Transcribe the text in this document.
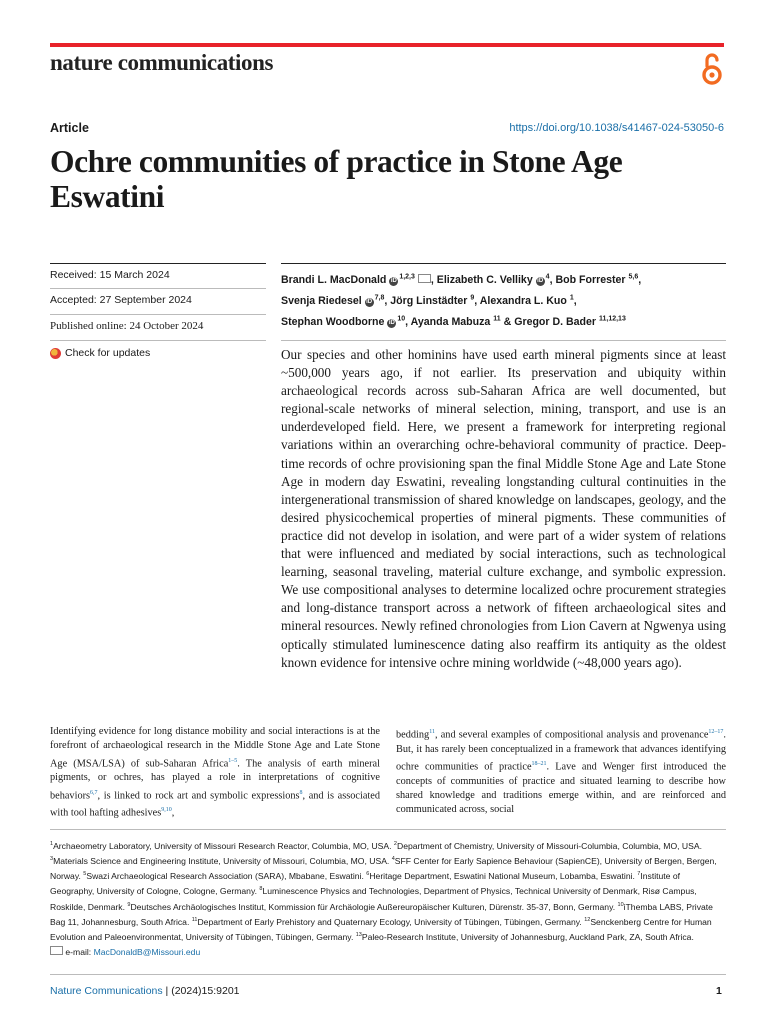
nature communications
Article	https://doi.org/10.1038/s41467-024-53050-6
Ochre communities of practice in Stone Age Eswatini
Received: 15 March 2024
Accepted: 27 September 2024
Published online: 24 October 2024
Check for updates
Brandi L. MacDonald iD$^{1,2,3}$ , Elizabeth C. Velliky $iD^4$, Bob Forrester $^{5,6}$,
Svenja Riedesel iD$^{7,8}$, Jörg Linstädter $^9$, Alexandra L. Kuo $^1$,
Stephan Woodborne $iD^{10}$, Ayanda Mabuza $^{11}$ & Gregor D. Bader $^{11,12,13}$

Our species and other hominins have used earth mineral pigments since at least ~500,000 years ago, if not earlier. Its preservation and ubiquity within archaeological records across sub-Saharan Africa are well documented, but regional-scale networks of mineral selection, mining, transport, and use is an underdeveloped field. Here, we present a framework for interpreting regional variations within an overarching ochre-behavioral community of practice. Deep-time records of ochre provisioning span the final Middle Stone Age and Late Stone Age in modern day Eswatini, revealing longstanding cultural continuities in the intergenerational transmission of shared knowledge on landscapes, geology, and the desired physicochemical properties of mineral pigments. These communities of practice did not develop in isolation, and were part of a wider system of relations that were influenced and mediated by social interactions, such as technological learning, seasonal traveling, material culture exchange, and symbolic expression. We use compositional analyses to determine localized ochre procurement strategies and long-distance transport across a network of fifteen archaeological sites and mineral resources. Newly refined chronologies from Lion Cavern at Ngwenya using optically stimulated luminescence dating also reaffirm its antiquity as the oldest known evidence for intensive ochre mining worldwide (~48,000 years ago).

Identifying evidence for long distance mobility and social interactions is at the forefront of archaeological research in the Middle Stone Age and Late Stone Age (MSA/LSA) of sub-Saharan Africa$^{1-5}$. The analysis of earth mineral pigments, or ochres, has played a role in interpretations of cognitive behaviors$^{6,7}$, is linked to rock art and symbolic expressions$^8$, and is associated with tool hafting adhesives$^{9,10}$,

bedding$^{11}$, and several examples of compositional analysis and provenance$^{12-17}$. But, it has rarely been conceptualized in a framework that advances identifying ochre communities of practice$^{18-21}$. Lave and Wenger first introduced the concepts of communities of practice and situated learning to describe how shared knowledge and traditions emerge within, and are reinforced and communicated across, social

$^1$Archaeometry Laboratory, University of Missouri Research Reactor, Columbia, MO, USA. $^2$Department of Chemistry, University of Missouri-Columbia, Columbia, MO, USA. $^3$Materials Science and Engineering Institute, University of Missouri, Columbia, MO, USA. $^4$SFF Center for Early Sapience Behaviour (SapienCE), University of Bergen, Bergen, Norway. $^5$Swazi Archaeological Research Association (SARA), Mbabane, Eswatini. $^6$Heritage Department, Eswatini National Museum, Lobamba, Eswatini. $^7$Institute of Geography, University of Cologne, Cologne, Germany. $^8$Luminescence Physics and Technologies, Department of Physics, Technical University of Denmark, Risø Campus, Roskilde, Denmark. $^9$Deutsches Archäologisches Institut, Kommission für Archäologie Außereuropäischer Kulturen, Dürenstr. 35-37, Bonn, Germany. $^{10}$iThemba LABS, Private Bag 11, Johannesburg, South Africa. $^{11}$Department of Early Prehistory and Quaternary Ecology, University of Tübingen, Tübingen, Germany. $^{12}$Senckenberg Centre for Human Evolution and Paleoenvironmentat, University of Tübingen, Tübingen, Germany. $^{13}$Paleo-Research Institute, University of Johannesburg, Auckland Park, ZA, South Africa.

e-mail: MacDonaldB@Missouri.edu
Nature Communications | (2024)15:9201	1
